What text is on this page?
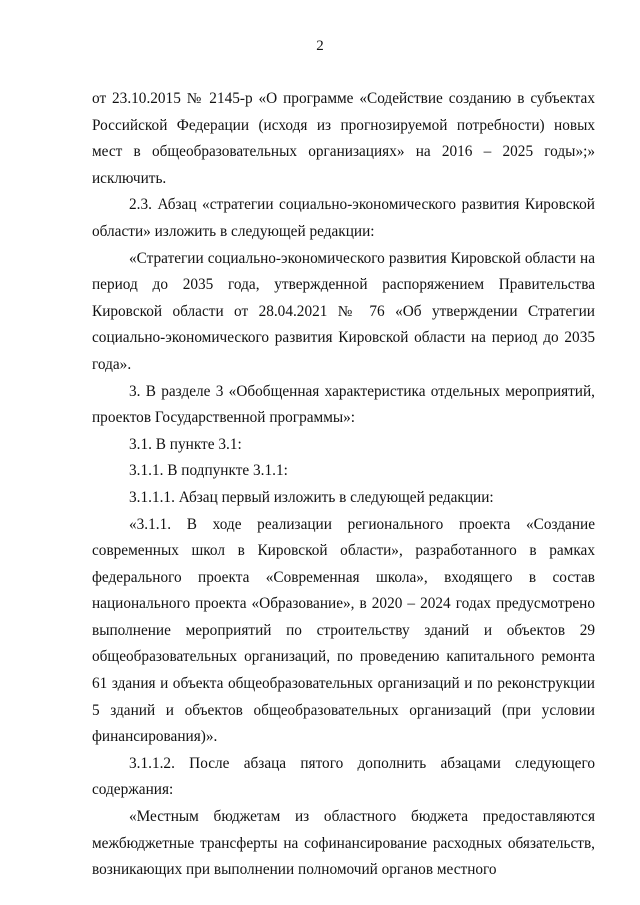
2

от 23.10.2015 № 2145-р «О программе «Содействие созданию в субъектах Российской Федерации (исходя из прогнозируемой потребности) новых мест в общеобразовательных организациях» на 2016 – 2025 годы»;» исключить.

2.3. Абзац «стратегии социально-экономического развития Кировской области» изложить в следующей редакции:

«Стратегии социально-экономического развития Кировской области на период до 2035 года, утвержденной распоряжением Правительства Кировской области от 28.04.2021 № 76 «Об утверждении Стратегии социально-экономического развития Кировской области на период до 2035 года».

3. В разделе 3 «Обобщенная характеристика отдельных мероприятий, проектов Государственной программы»:

3.1. В пункте 3.1:

3.1.1. В подпункте 3.1.1:

3.1.1.1. Абзац первый изложить в следующей редакции:

«3.1.1. В ходе реализации регионального проекта «Создание современных школ в Кировской области», разработанного в рамках федерального проекта «Современная школа», входящего в состав национального проекта «Образование», в 2020 – 2024 годах предусмотрено выполнение мероприятий по строительству зданий и объектов 29 общеобразовательных организаций, по проведению капитального ремонта 61 здания и объекта общеобразовательных организаций и по реконструкции 5 зданий и объектов общеобразовательных организаций (при условии финансирования)».

3.1.1.2. После абзаца пятого дополнить абзацами следующего содержания:

«Местным бюджетам из областного бюджета предоставляются межбюджетные трансферты на софинансирование расходных обязательств, возникающих при выполнении полномочий органов местного
